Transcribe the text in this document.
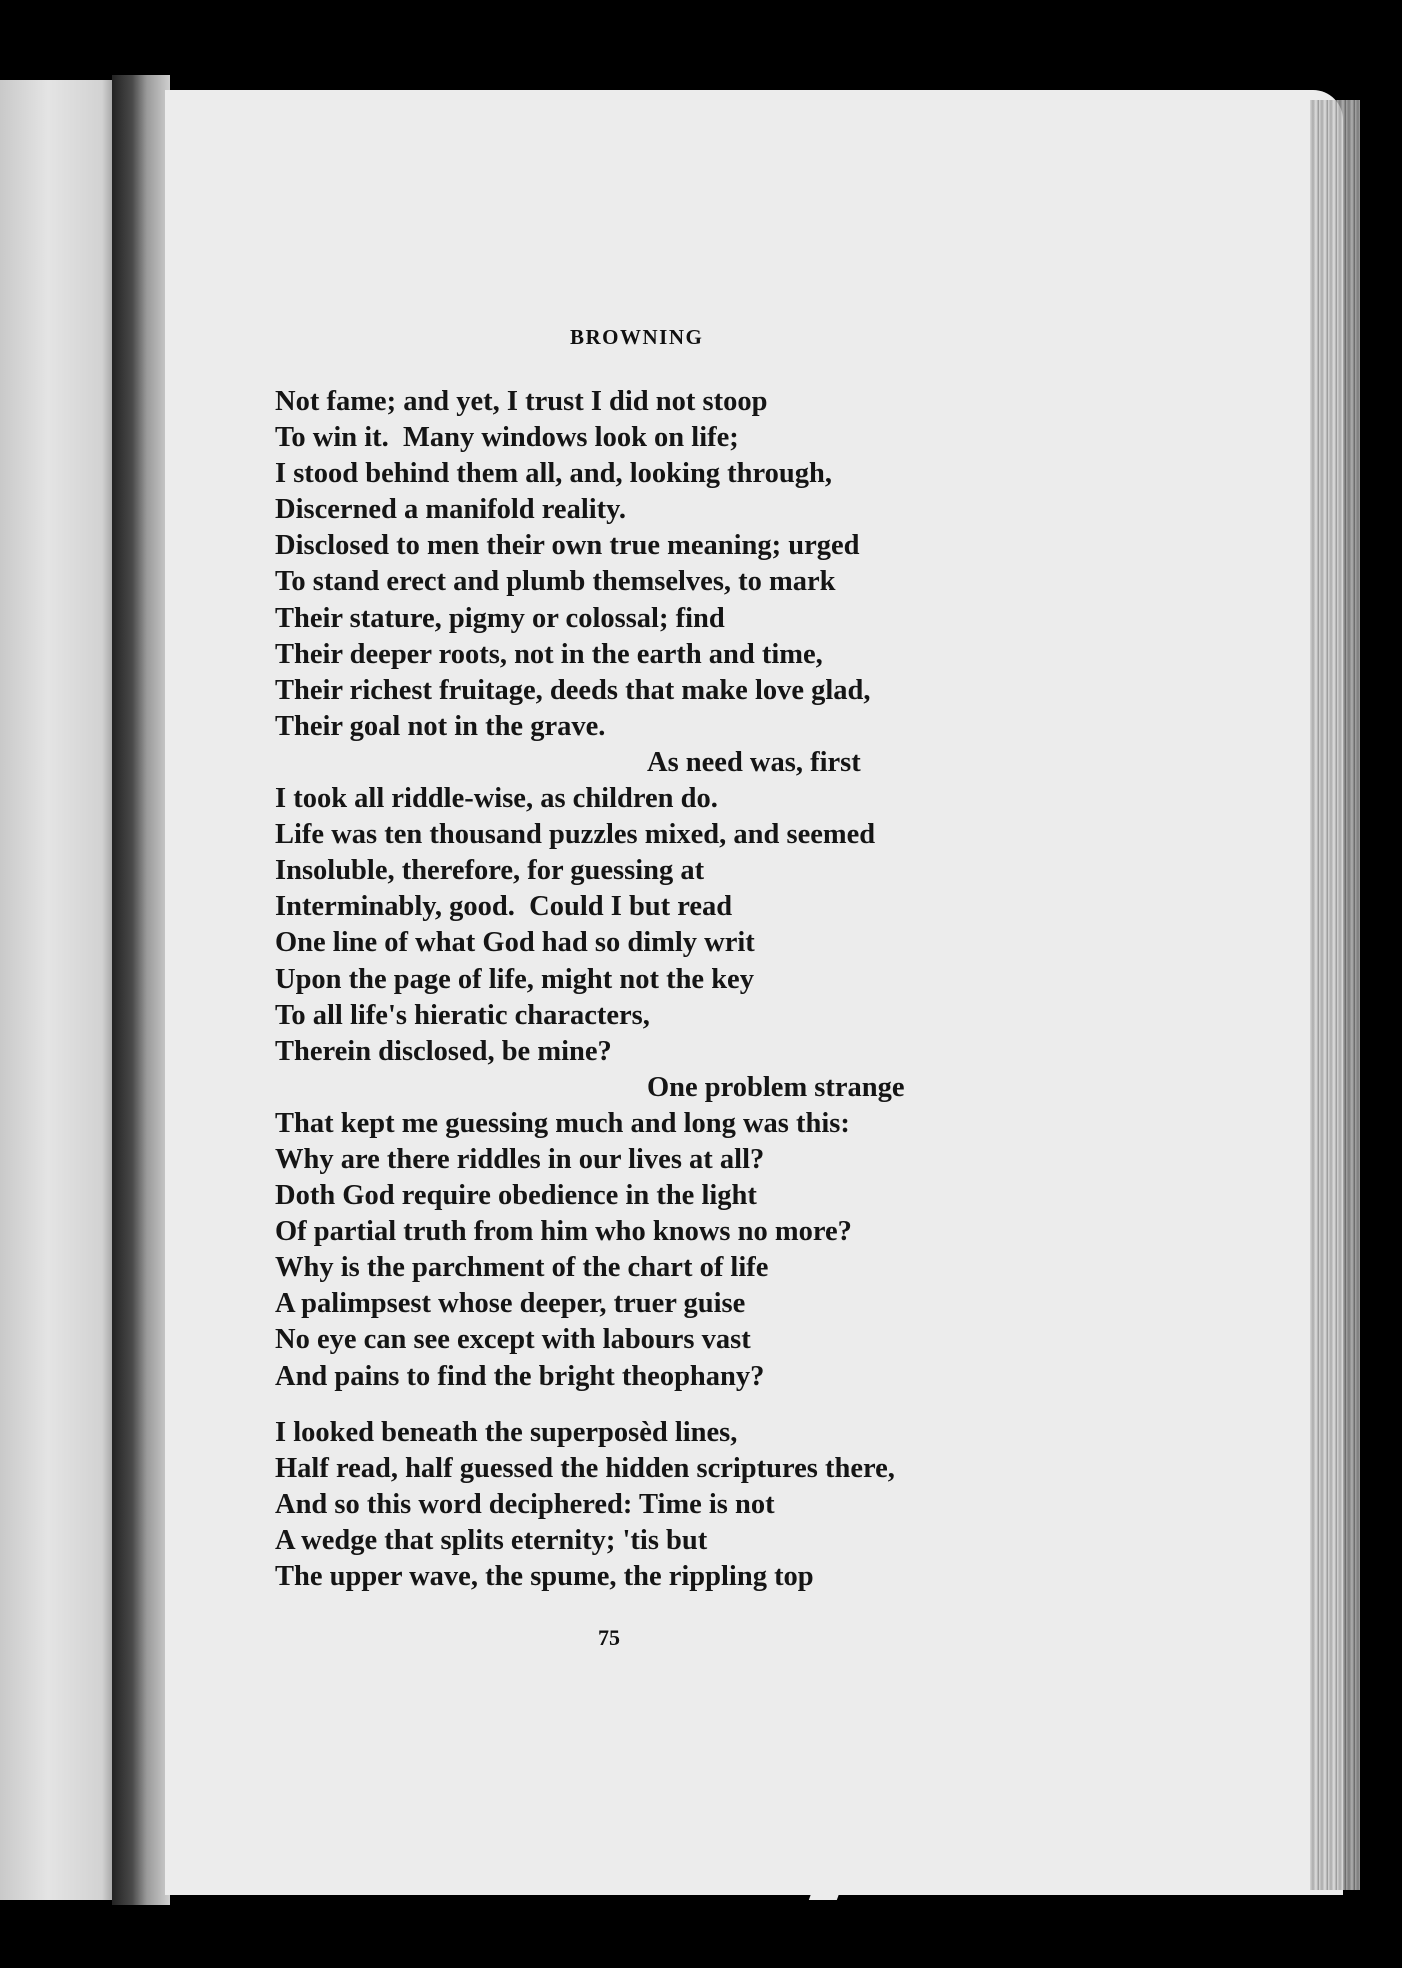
BROWNING
Not fame; and yet, I trust I did not stoop
To win it.  Many windows look on life;
I stood behind them all, and, looking through,
Discerned a manifold reality.
Disclosed to men their own true meaning; urged
To stand erect and plumb themselves, to mark
Their stature, pigmy or colossal; find
Their deeper roots, not in the earth and time,
Their richest fruitage, deeds that make love glad,
Their goal not in the grave.
As need was, first
I took all riddle-wise, as children do.
Life was ten thousand puzzles mixed, and seemed
Insoluble, therefore, for guessing at
Interminably, good.  Could I but read
One line of what God had so dimly writ
Upon the page of life, might not the key
To all life's hieratic characters,
Therein disclosed, be mine?
One problem strange
That kept me guessing much and long was this:
Why are there riddles in our lives at all?
Doth God require obedience in the light
Of partial truth from him who knows no more?
Why is the parchment of the chart of life
A palimpsest whose deeper, truer guise
No eye can see except with labours vast
And pains to find the bright theophany?
I looked beneath the superposèd lines,
Half read, half guessed the hidden scriptures there,
And so this word deciphered: Time is not
A wedge that splits eternity; 'tis but
The upper wave, the spume, the rippling top
75
